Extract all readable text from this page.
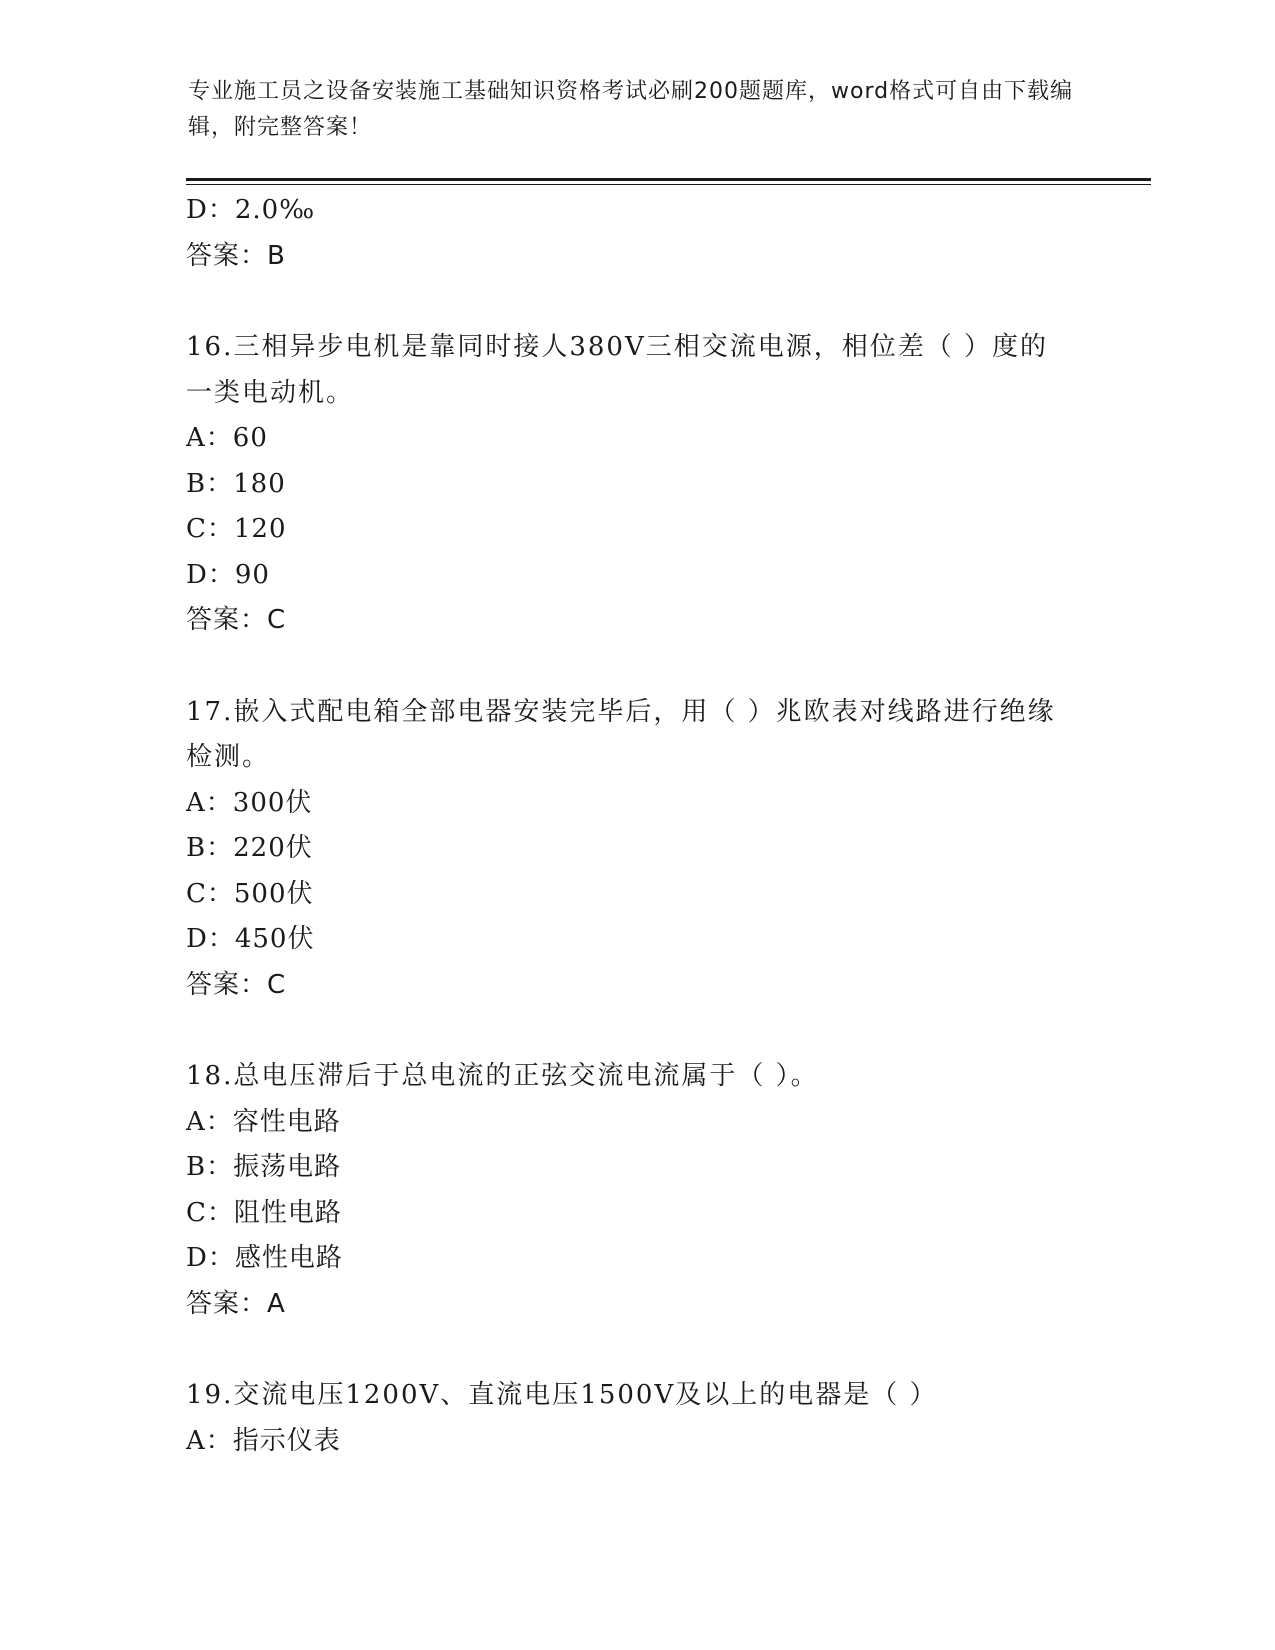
专业施工员之设备安装施工基础知识资格考试必刷200题题库，word格式可自由下载编辑，附完整答案！
D：2.0‰
答案：B
16.三相异步电机是靠同时接人380V三相交流电源，相位差（ ）度的一类电动机。
A：60
B：180
C：120
D：90
答案：C
17.嵌入式配电箱全部电器安装完毕后，用（ ）兆欧表对线路进行绝缘检测。
A：300伏
B：220伏
C：500伏
D：450伏
答案：C
18.总电压滞后于总电流的正弦交流电流属于（ ）。
A：容性电路
B：振荡电路
C：阻性电路
D：感性电路
答案：A
19.交流电压1200V、直流电压1500V及以上的电器是（ ）
A：指示仪表
